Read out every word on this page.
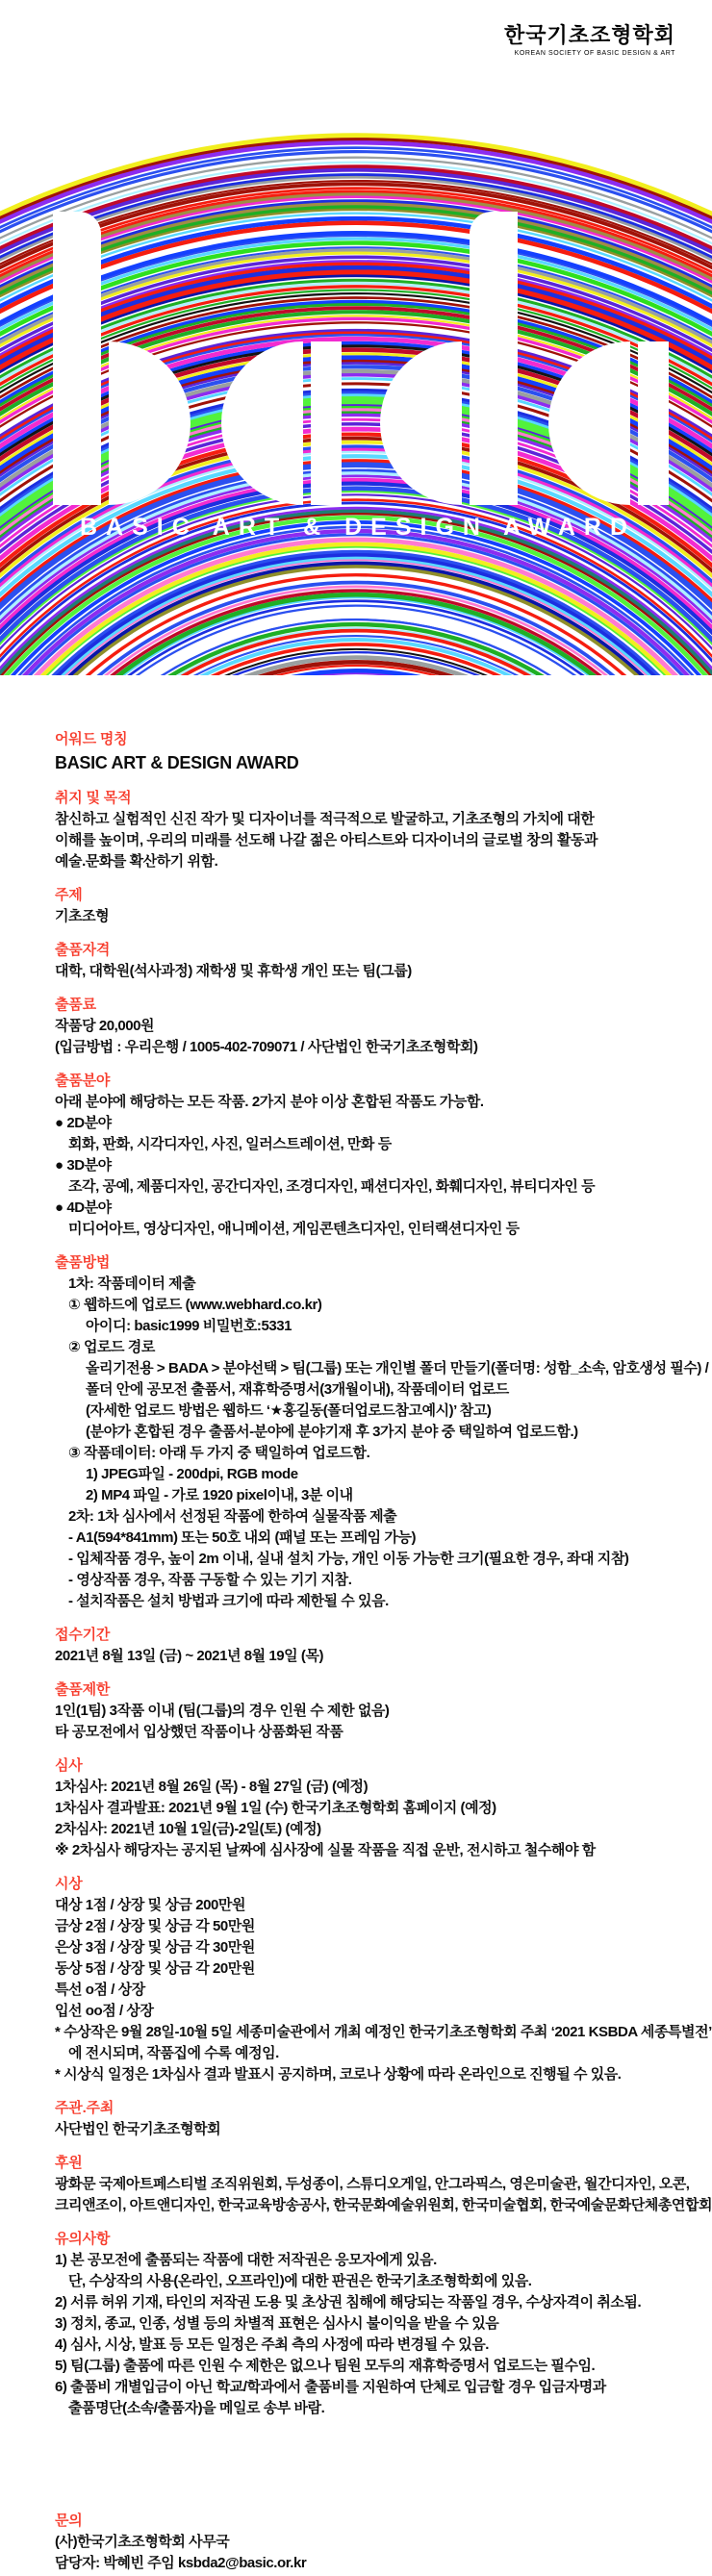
한국기초조형학회
KOREAN SOCIETY OF BASIC DESIGN & ART
BASIC ART & DESIGN AWARD
어워드 명칭
BASIC ART & DESIGN AWARD
취지 및 목적
참신하고 실험적인 신진 작가 및 디자이너를 적극적으로 발굴하고, 기초조형의 가치에 대한
이해를 높이며, 우리의 미래를 선도해 나갈 젊은 아티스트와 디자이너의 글로벌 창의 활동과
예술.문화를 확산하기 위함.
주제
기초조형
출품자격
대학, 대학원(석사과정) 재학생 및 휴학생 개인 또는 팀(그룹)
출품료
작품당 20,000원
(입금방법 : 우리은행 / 1005-402-709071 / 사단법인 한국기초조형학회)
출품분야
아래 분야에 해당하는 모든 작품. 2가지 분야 이상 혼합된 작품도 가능함.
● 2D분야
회화, 판화, 시각디자인, 사진, 일러스트레이션, 만화 등
● 3D분야
조각, 공예, 제품디자인, 공간디자인, 조경디자인, 패션디자인, 화훼디자인, 뷰티디자인 등
● 4D분야
미디어아트, 영상디자인, 애니메이션, 게임콘텐츠디자인, 인터랙션디자인 등
출품방법
1차: 작품데이터 제출
① 웹하드에 업로드 (www.webhard.co.kr)
아이디: basic1999 비밀번호:5331
② 업로드 경로
올리기전용 > BADA > 분야선택 > 팀(그룹) 또는 개인별 폴더 만들기(폴더명: 성함_소속, 암호생성 필수) /
폴더 안에 공모전 출품서, 재휴학증명서(3개월이내), 작품데이터 업로드
(자세한 업로드 방법은 웹하드 ‘★홍길동(폴더업로드참고예시)’ 참고)
(분야가 혼합된 경우 출품서-분야에 분야기재 후 3가지 분야 중 택일하여 업로드함.)
③ 작품데이터: 아래 두 가지 중 택일하여 업로드함.
1) JPEG파일 - 200dpi, RGB mode
2) MP4 파일 - 가로 1920 pixel이내, 3분 이내
2차: 1차 심사에서 선정된 작품에 한하여 실물작품 제출
- A1(594*841mm) 또는 50호 내외 (패널 또는 프레임 가능)
- 입체작품 경우, 높이 2m 이내, 실내 설치 가능, 개인 이동 가능한 크기(필요한 경우, 좌대 지참)
- 영상작품 경우, 작품 구동할 수 있는 기기 지참.
- 설치작품은 설치 방법과 크기에 따라 제한될 수 있음.
접수기간
2021년 8월 13일 (금) ~ 2021년 8월 19일 (목)
출품제한
1인(1팀) 3작품 이내 (팀(그룹)의 경우 인원 수 제한 없음)
타 공모전에서 입상했던 작품이나 상품화된 작품
심사
1차심사: 2021년 8월 26일 (목) - 8월 27일 (금) (예정)
1차심사 결과발표: 2021년 9월 1일 (수) 한국기초조형학회 홈페이지 (예정)
2차심사: 2021년 10월 1일(금)-2일(토) (예정)
※ 2차심사 해당자는 공지된 날짜에 심사장에 실물 작품을 직접 운반, 전시하고 철수해야 함
시상
대상 1점 / 상장 및 상금 200만원
금상 2점 / 상장 및 상금 각 50만원
은상 3점 / 상장 및 상금 각 30만원
동상 5점 / 상장 및 상금 각 20만원
특선 o점 / 상장
입선 oo점 / 상장
* 수상작은 9월 28일-10월 5일 세종미술관에서 개최 예정인 한국기초조형학회 주최 ‘2021 KSBDA 세종특별전’
에 전시되며, 작품집에 수록 예정임.
* 시상식 일정은 1차심사 결과 발표시 공지하며, 코로나 상황에 따라 온라인으로 진행될 수 있음.
주관.주최
사단법인 한국기초조형학회
후원
광화문 국제아트페스티벌 조직위원회, 두성종이, 스튜디오게일, 안그라픽스, 영은미술관, 월간디자인, 오콘,
크리앤조이, 아트앤디자인, 한국교육방송공사, 한국문화예술위원회, 한국미술협회, 한국예술문화단체총연합회
유의사항
1) 본 공모전에 출품되는 작품에 대한 저작권은 응모자에게 있음.
단, 수상작의 사용(온라인, 오프라인)에 대한 판권은 한국기초조형학회에 있음.
2) 서류 허위 기재, 타인의 저작권 도용 및 초상권 침해에 해당되는 작품일 경우, 수상자격이 취소됨.
3) 정치, 종교, 인종, 성별 등의 차별적 표현은 심사시 불이익을 받을 수 있음
4) 심사, 시상, 발표 등 모든 일정은 주최 측의 사정에 따라 변경될 수 있음.
5) 팀(그룹) 출품에 따른 인원 수 제한은 없으나 팀원 모두의 재휴학증명서 업로드는 필수임.
6) 출품비 개별입금이 아닌 학교/학과에서 출품비를 지원하여 단체로 입금할 경우 입금자명과
출품명단(소속/출품자)을 메일로 송부 바람.
문의
(사)한국기초조형학회 사무국
담당자: 박혜빈 주임 ksbda2@basic.or.kr
